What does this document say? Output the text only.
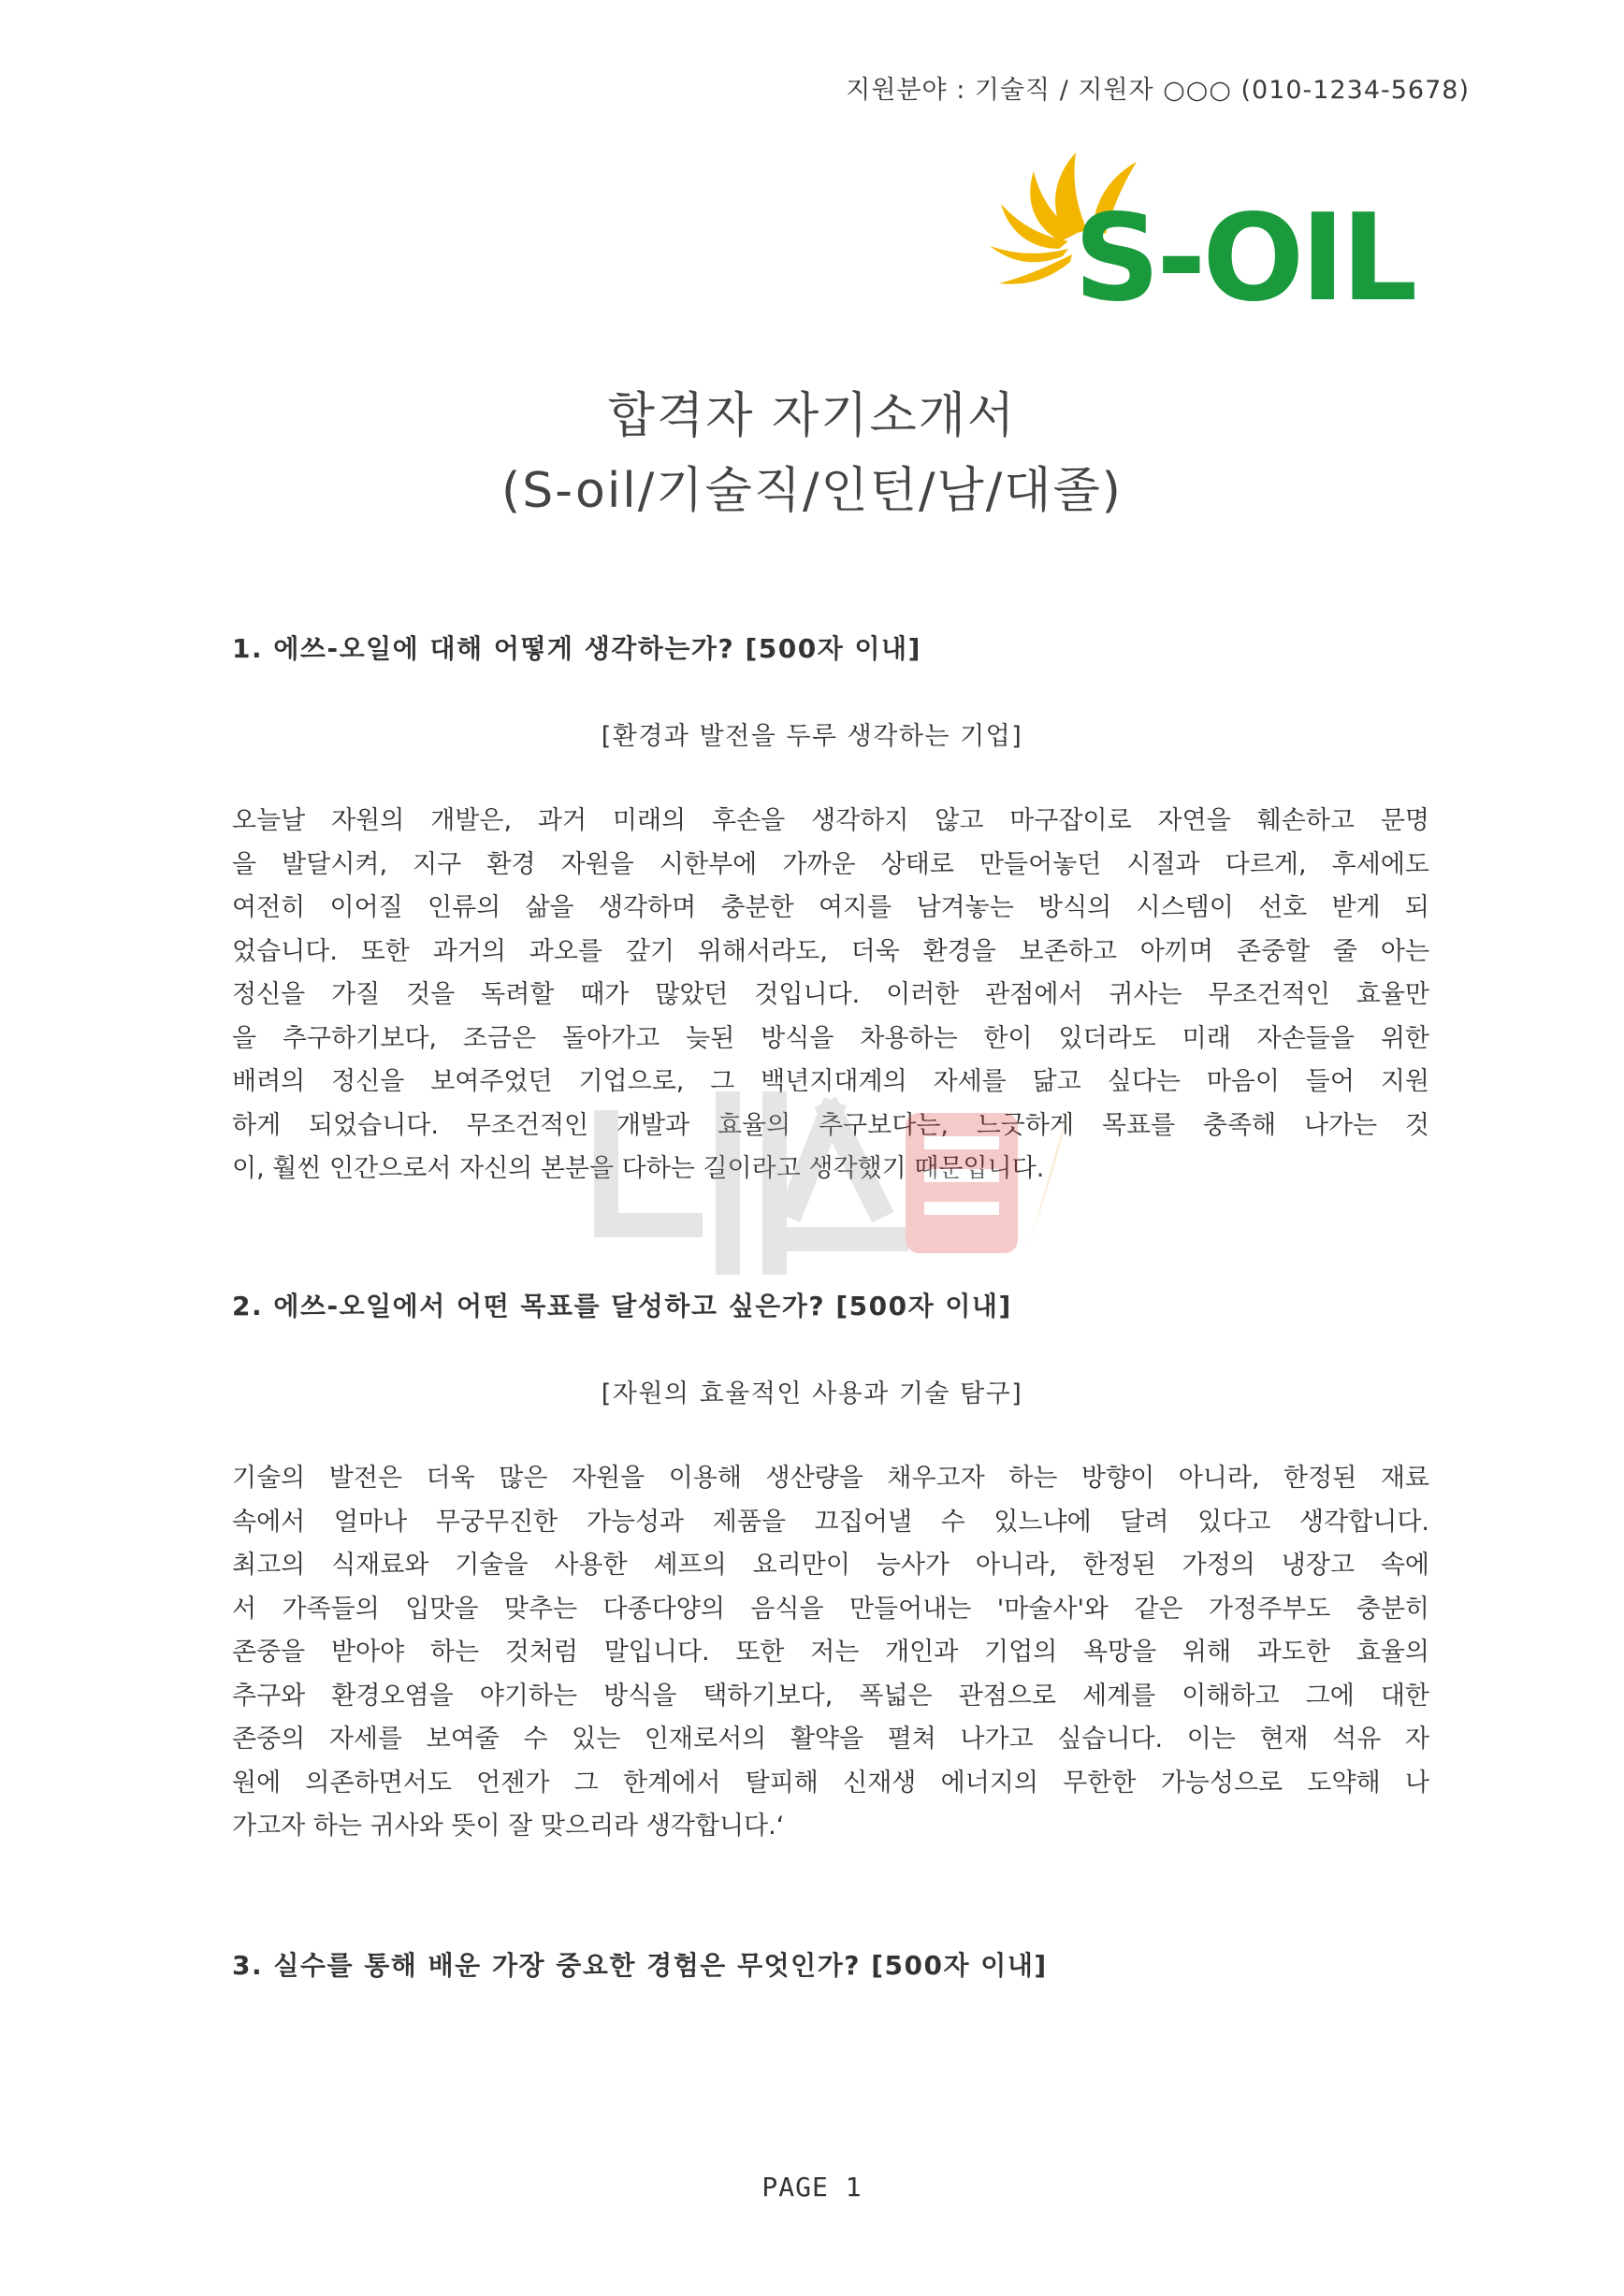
지원분야 : 기술직 / 지원자 ○○○ (010-1234-5678)
S-OIL
합격자 자기소개서
(S-oil/기술직/인턴/남/대졸)
1. 에쓰-오일에 대해 어떻게 생각하는가? [500자 이내]
[환경과 발전을 두루 생각하는 기업]
오늘날 자원의 개발은, 과거 미래의 후손을 생각하지 않고 마구잡이로 자연을 훼손하고 문명
을 발달시켜, 지구 환경 자원을 시한부에 가까운 상태로 만들어놓던 시절과 다르게, 후세에도
여전히 이어질 인류의 삶을 생각하며 충분한 여지를 남겨놓는 방식의 시스템이 선호 받게 되
었습니다. 또한 과거의 과오를 갚기 위해서라도, 더욱 환경을 보존하고 아끼며 존중할 줄 아는
정신을 가질 것을 독려할 때가 많았던 것입니다. 이러한 관점에서 귀사는 무조건적인 효율만
을 추구하기보다, 조금은 돌아가고 늦된 방식을 차용하는 한이 있더라도 미래 자손들을 위한
배려의 정신을 보여주었던 기업으로, 그 백년지대계의 자세를 닮고 싶다는 마음이 들어 지원
하게 되었습니다. 무조건적인 개발과 효율의 추구보다는, 느긋하게 목표를 충족해 나가는 것
이, 훨씬 인간으로서 자신의 본분을 다하는 길이라고 생각했기 때문입니다.
2. 에쓰-오일에서 어떤 목표를 달성하고 싶은가? [500자 이내]
[자원의 효율적인 사용과 기술 탐구]
기술의 발전은 더욱 많은 자원을 이용해 생산량을 채우고자 하는 방향이 아니라, 한정된 재료
속에서 얼마나 무궁무진한 가능성과 제품을 끄집어낼 수 있느냐에 달려 있다고 생각합니다.
최고의 식재료와 기술을 사용한 셰프의 요리만이 능사가 아니라, 한정된 가정의 냉장고 속에
서 가족들의 입맛을 맞추는 다종다양의 음식을 만들어내는 '마술사'와 같은 가정주부도 충분히
존중을 받아야 하는 것처럼 말입니다. 또한 저는 개인과 기업의 욕망을 위해 과도한 효율의
추구와 환경오염을 야기하는 방식을 택하기보다, 폭넓은 관점으로 세계를 이해하고 그에 대한
존중의 자세를 보여줄 수 있는 인재로서의 활약을 펼쳐 나가고 싶습니다. 이는 현재 석유 자
원에 의존하면서도 언젠가 그 한계에서 탈피해 신재생 에너지의 무한한 가능성으로 도약해 나
가고자 하는 귀사와 뜻이 잘 맞으리라 생각합니다.‘
3. 실수를 통해 배운 가장 중요한 경험은 무엇인가? [500자 이내]
PAGE 1
